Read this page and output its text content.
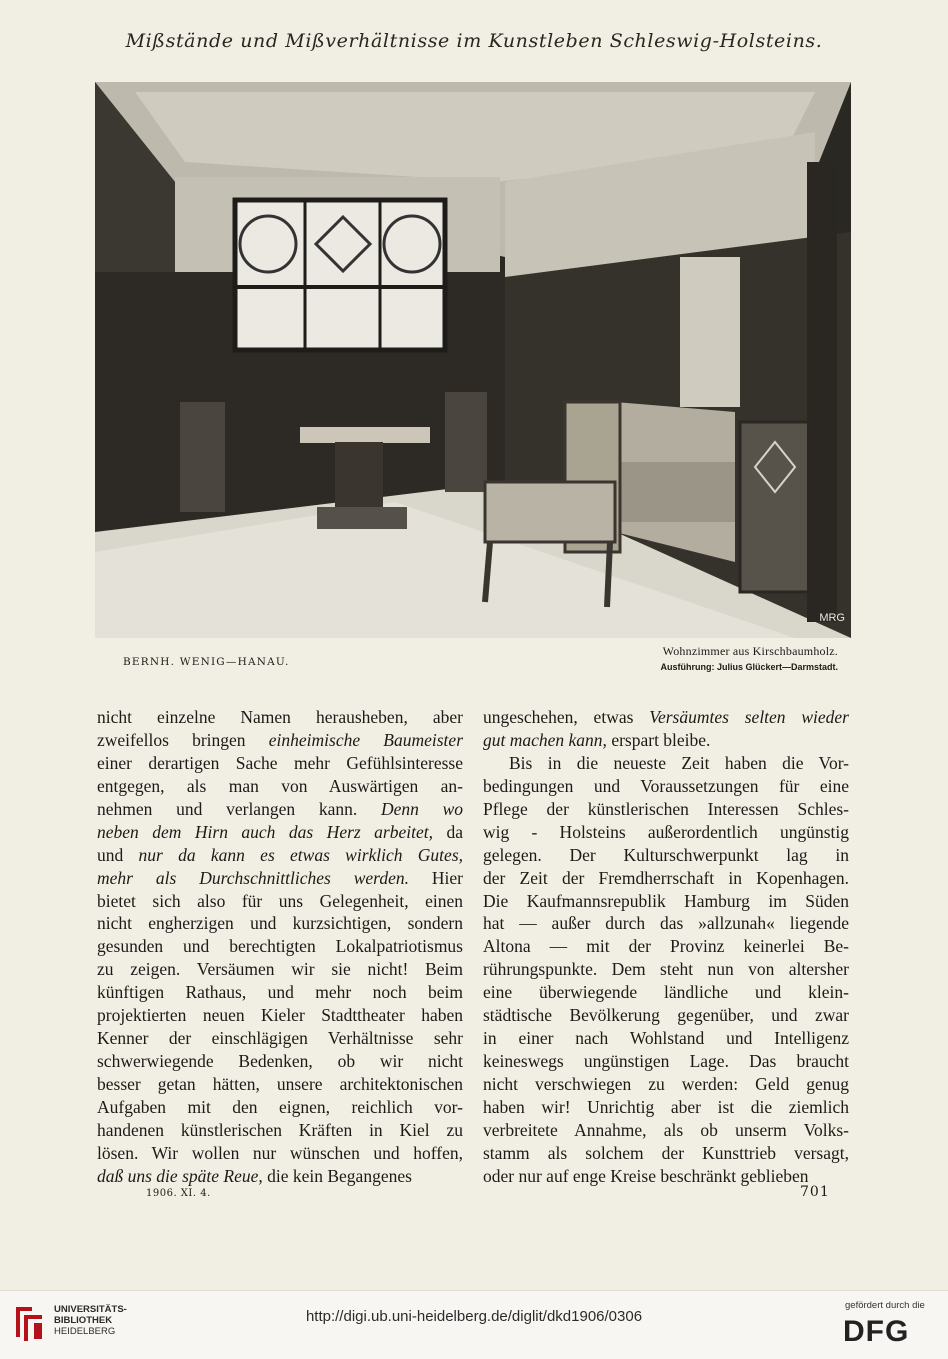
Mißstände und Mißverhältnisse im Kunstleben Schleswig-Holsteins.
MRG
BERNH. WENIG—HANAU.
Wohnzimmer aus Kirschbaumholz.
Ausführung: Julius Glückert—Darmstadt.
nicht einzelne Namen herausheben, aber
zweifellos bringen einheimische Baumeister
einer derartigen Sache mehr Gefühlsinteresse
entgegen, als man von Auswärtigen an-
nehmen und verlangen kann. Denn wo
neben dem Hirn auch das Herz arbeitet, da
und nur da kann es etwas wirklich Gutes,
mehr als Durchschnittliches werden. Hier
bietet sich also für uns Gelegenheit, einen
nicht engherzigen und kurzsichtigen, sondern
gesunden und berechtigten Lokalpatriotismus
zu zeigen. Versäumen wir sie nicht! Beim
künftigen Rathaus, und mehr noch beim
projektierten neuen Kieler Stadttheater haben
Kenner der einschlägigen Verhältnisse sehr
schwerwiegende Bedenken, ob wir nicht
besser getan hätten, unsere architektonischen
Aufgaben mit den eignen, reichlich vor-
handenen künstlerischen Kräften in Kiel zu
lösen. Wir wollen nur wünschen und hoffen,
daß uns die späte Reue, die kein Begangenes
ungeschehen, etwas Versäumtes selten wieder
gut machen kann, erspart bleibe.
Bis in die neueste Zeit haben die Vor-
bedingungen und Voraussetzungen für eine
Pflege der künstlerischen Interessen Schles-
wig - Holsteins außerordentlich ungünstig
gelegen. Der Kulturschwerpunkt lag in
der Zeit der Fremdherrschaft in Kopenhagen.
Die Kaufmannsrepublik Hamburg im Süden
hat — außer durch das »allzunah« liegende
Altona — mit der Provinz keinerlei Be-
rührungspunkte. Dem steht nun von altersher
eine überwiegende ländliche und klein-
städtische Bevölkerung gegenüber, und zwar
in einer nach Wohlstand und Intelligenz
keineswegs ungünstigen Lage. Das braucht
nicht verschwiegen zu werden: Geld genug
haben wir! Unrichtig aber ist die ziemlich
verbreitete Annahme, als ob unserm Volks-
stamm als solchem der Kunsttrieb versagt,
oder nur auf enge Kreise beschränkt geblieben
1906. XI. 4.	701
UNIVERSITÄTS-
BIBLIOTHEK
HEIDELBERG
http://digi.ub.uni-heidelberg.de/diglit/dkd1906/0306
gefördert durch die
DFG
